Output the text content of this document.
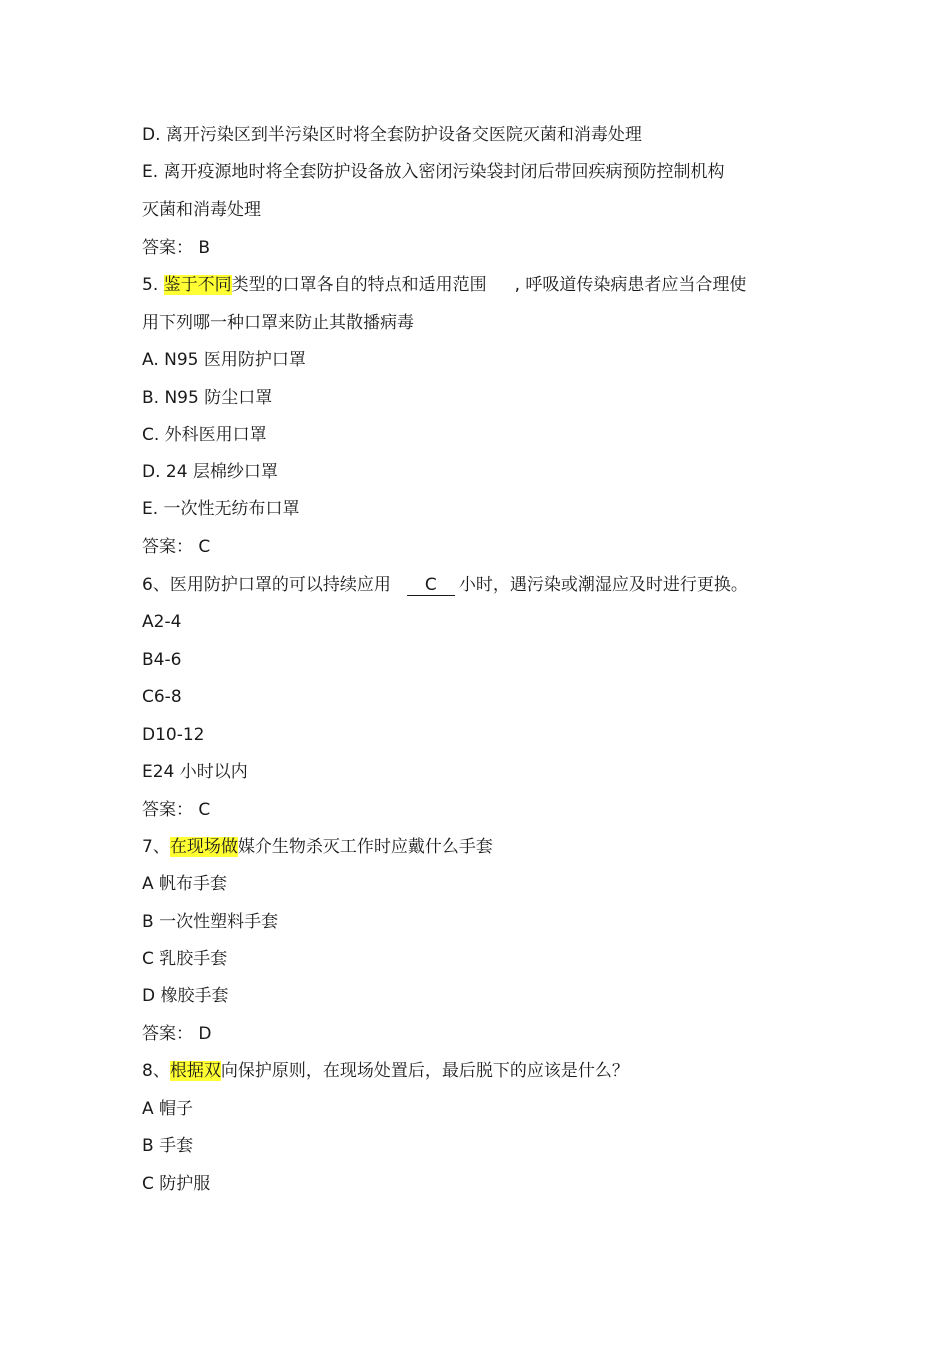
D. 离开污染区到半污染区时将全套防护设备交医院灭菌和消毒处理
E. 离开疫源地时将全套防护设备放入密闭污染袋封闭后带回疾病预防控制机构
灭菌和消毒处理
答案： B
5. 鉴于不同类型的口罩各自的特点和适用范围 , 呼吸道传染病患者应当合理使
用下列哪一种口罩来防止其散播病毒
A. N95 医用防护口罩
B. N95 防尘口罩
C. 外科医用口罩
D. 24 层棉纱口罩
E. 一次性无纺布口罩
答案： C
6、医用防护口罩的可以持续应用 C 小时，遇污染或潮湿应及时进行更换。
A2-4
B4-6
C6-8
D10-12
E24 小时以内
答案： C
7、在现场做媒介生物杀灭工作时应戴什么手套
A 帆布手套
B 一次性塑料手套
C 乳胶手套
D 橡胶手套
答案： D
8、根据双向保护原则，在现场处置后，最后脱下的应该是什么？
A 帽子
B 手套
C 防护服
